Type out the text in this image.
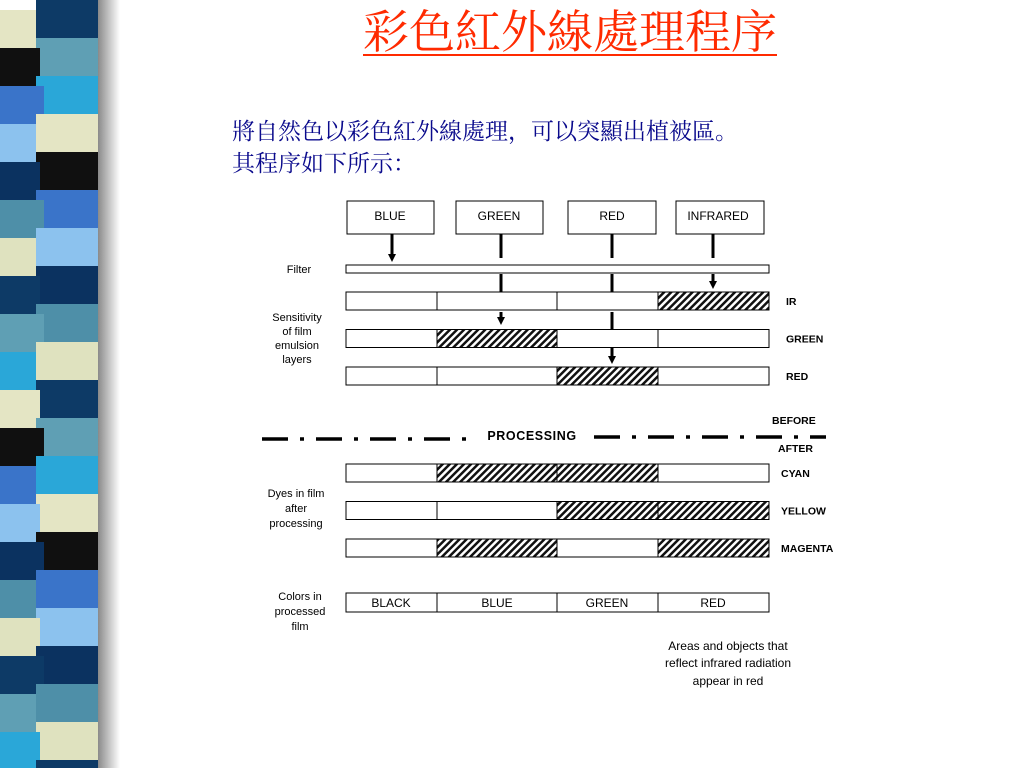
彩色紅外線處理程序

將自然色以彩色紅外線處理，可以突顯出植被區。

其程序如下所示：

BLUE	GREEN	RED	INFRARED
Filter
IR
GREEN
RED
Sensitivity
of film
emulsion
layers
PROCESSING
BEFORE
AFTER
CYAN
YELLOW
MAGENTA
Dyes in film
after
processing
BLACK	BLUE	GREEN	RED
Colors in
processed
film
Areas and objects that
reflect infrared radiation
appear in red
